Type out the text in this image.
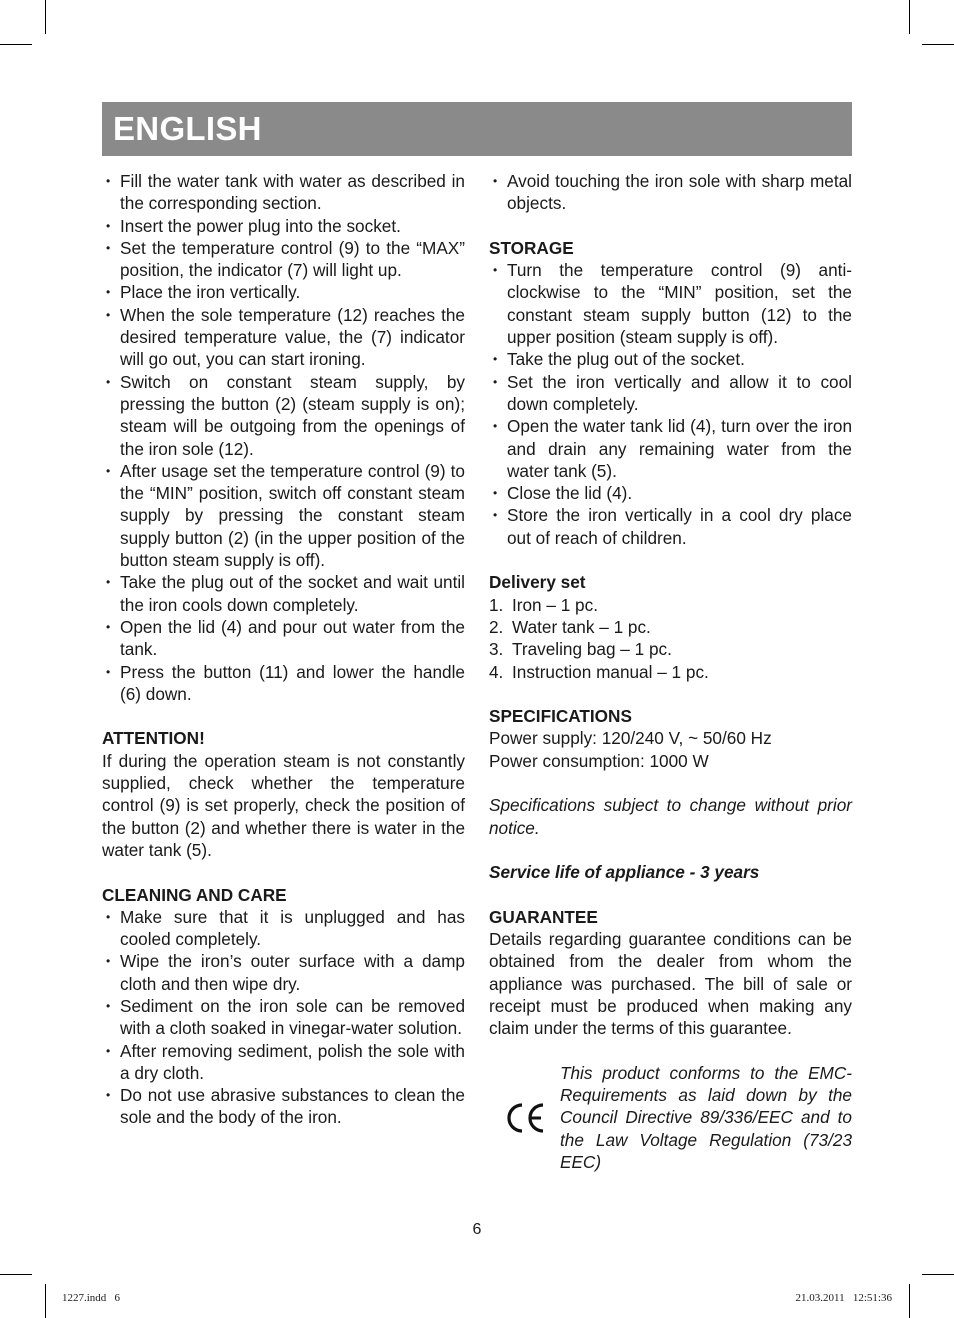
ENGLISH
• Fill the water tank with water as described in the corresponding section.
• Insert the power plug into the socket.
• Set the temperature control (9) to the “MAX” position, the indicator (7) will light up.
• Place the iron vertically.
• When the sole temperature (12) reaches the desired temperature value, the (7) indicator will go out, you can start ironing.
• Switch on constant steam supply, by pressing the button (2) (steam supply is on); steam will be outgoing from the openings of the iron sole (12).
• After usage set the temperature control (9) to the “MIN” position, switch off constant steam supply by pressing the constant steam supply button (2) (in the upper position of the button steam supply is off).
• Take the plug out of the socket and wait until the iron cools down completely.
• Open the lid (4) and pour out water from the tank.
• Press the button (11) and lower the handle (6) down.

ATTENTION!

If during the operation steam is not constantly supplied, check whether the temperature control (9) is set properly, check the position of the button (2) and whether there is water in the water tank (5).

CLEANING AND CARE

• Make sure that it is unplugged and has cooled completely.
• Wipe the iron’s outer surface with a damp cloth and then wipe dry.
• Sediment on the iron sole can be removed with a cloth soaked in vinegar-water solution.
• After removing sediment, polish the sole with a dry cloth.
• Do not use abrasive substances to clean the sole and the body of the iron.
• Avoid touching the iron sole with sharp metal objects.

STORAGE

• Turn the temperature control (9) anti-clockwise to the “MIN” position, set the constant steam supply button (12) to the upper position (steam supply is off).
• Take the plug out of the socket.
• Set the iron vertically and allow it to cool down completely.
• Open the water tank lid (4), turn over the iron and drain any remaining water from the water tank (5).
• Close the lid (4).
• Store the iron vertically in a cool dry place out of reach of children.

Delivery set

1. Iron – 1 pc.
2. Water tank – 1 pc.
3. Traveling bag – 1 pc.
4. Instruction manual – 1 pc.

SPECIFICATIONS

Power supply: 120/240 V, ~ 50/60 Hz

Power consumption: 1000 W

Specifications subject to change without prior notice.

Service life of appliance - 3 years

GUARANTEE

Details regarding guarantee conditions can be obtained from the dealer from whom the appliance was purchased. The bill of sale or receipt must be produced when making any claim under the terms of this guarantee.

This product conforms to the EMC-Requirements as laid down by the Council Directive 89/336/EEC and to the Law Voltage Regulation (73/23 EEC)

6
1227.indd   6	21.03.2011   12:51:36
